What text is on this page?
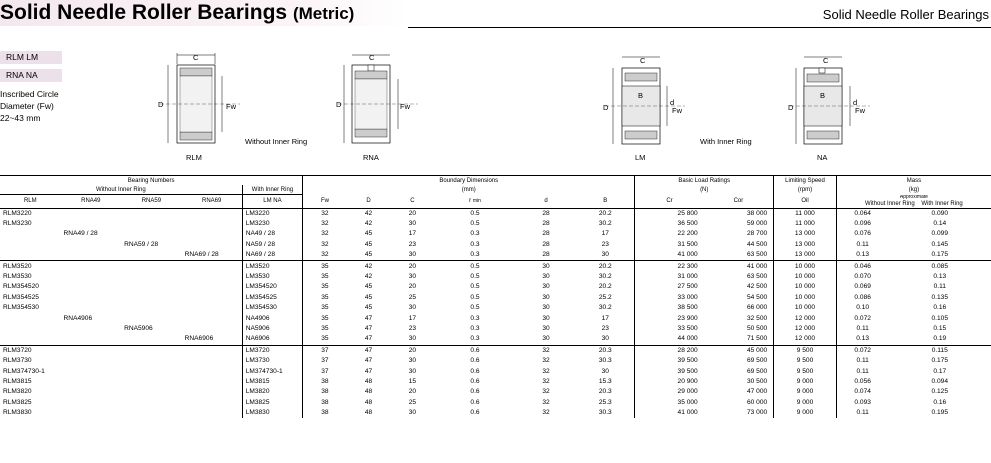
Solid Needle Roller Bearings (Metric)	Solid Needle Roller Bearings
RLM LM
RNA NA
Inscribed Circle
Diameter (Fw)
22~43 mm
C
D	Fw
RLM
Without Inner Ring
C
D	Fw
RNA
C
B
D
d
Fw
LM
With Inner Ring
C
B
D
d
Fw
NA
Bearing Numbers					Boundary Dimensions						Basic Load Ratings		Limiting Speed	Mass	
Without Inner Ring				With Inner Ring	(mm)						(N)		(rpm)	(kg)	
RLM	RNA49	RNA59	RNA69	LM NA	Fw	D	C	r min	d	B	Cr	Cor	Oil	Approximate
Without Inner Ring With Inner Ring	
RLM3220				LM3220	32	42	20	0.5	28	20.2	25 800	38 000	11 000	0.064	0.090
RLM3230				LM3230	32	42	30	0.5	28	30.2	36 500	59 000	11 000	0.096	0.14
	RNA49 / 28			NA49 / 28	32	45	17	0.3	28	17	22 200	28 700	13 000	0.076	0.099
		RNA59 / 28		NA59 / 28	32	45	23	0.3	28	23	31 500	44 500	13 000	0.11	0.145
			RNA69 / 28	NA69 / 28	32	45	30	0.3	28	30	41 000	63 500	13 000	0.13	0.175
RLM3520				LM3520	35	42	20	0.5	30	20.2	22 300	41 000	10 000	0.046	0.085
RLM3530				LM3530	35	42	30	0.5	30	30.2	31 000	63 500	10 000	0.070	0.13
RLM354520				LM354520	35	45	20	0.5	30	20.2	27 500	42 500	10 000	0.069	0.11
RLM354525				LM354525	35	45	25	0.5	30	25.2	33 000	54 500	10 000	0.086	0.135
RLM354530				LM354530	35	45	30	0.5	30	30.2	38 500	66 000	10 000	0.10	0.16
	RNA4906			NA4906	35	47	17	0.3	30	17	23 900	32 500	12 000	0.072	0.105
		RNA5906		NA5906	35	47	23	0.3	30	23	33 500	50 500	12 000	0.11	0.15
			RNA6906	NA6906	35	47	30	0.3	30	30	44 000	71 500	12 000	0.13	0.19
RLM3720				LM3720	37	47	20	0.6	32	20.3	28 200	45 000	9 500	0.072	0.115
RLM3730				LM3730	37	47	30	0.6	32	30.3	39 500	69 500	9 500	0.11	0.175
RLM374730-1				LM374730-1	37	47	30	0.6	32	30	39 500	69 500	9 500	0.11	0.17
RLM3815				LM3815	38	48	15	0.6	32	15.3	20 900	30 500	9 000	0.056	0.094
RLM3820				LM3820	38	48	20	0.6	32	20.3	29 000	47 000	9 000	0.074	0.125
RLM3825				LM3825	38	48	25	0.6	32	25.3	35 000	60 000	9 000	0.093	0.16
RLM3830				LM3830	38	48	30	0.6	32	30.3	41 000	73 000	9 000	0.11	0.195
